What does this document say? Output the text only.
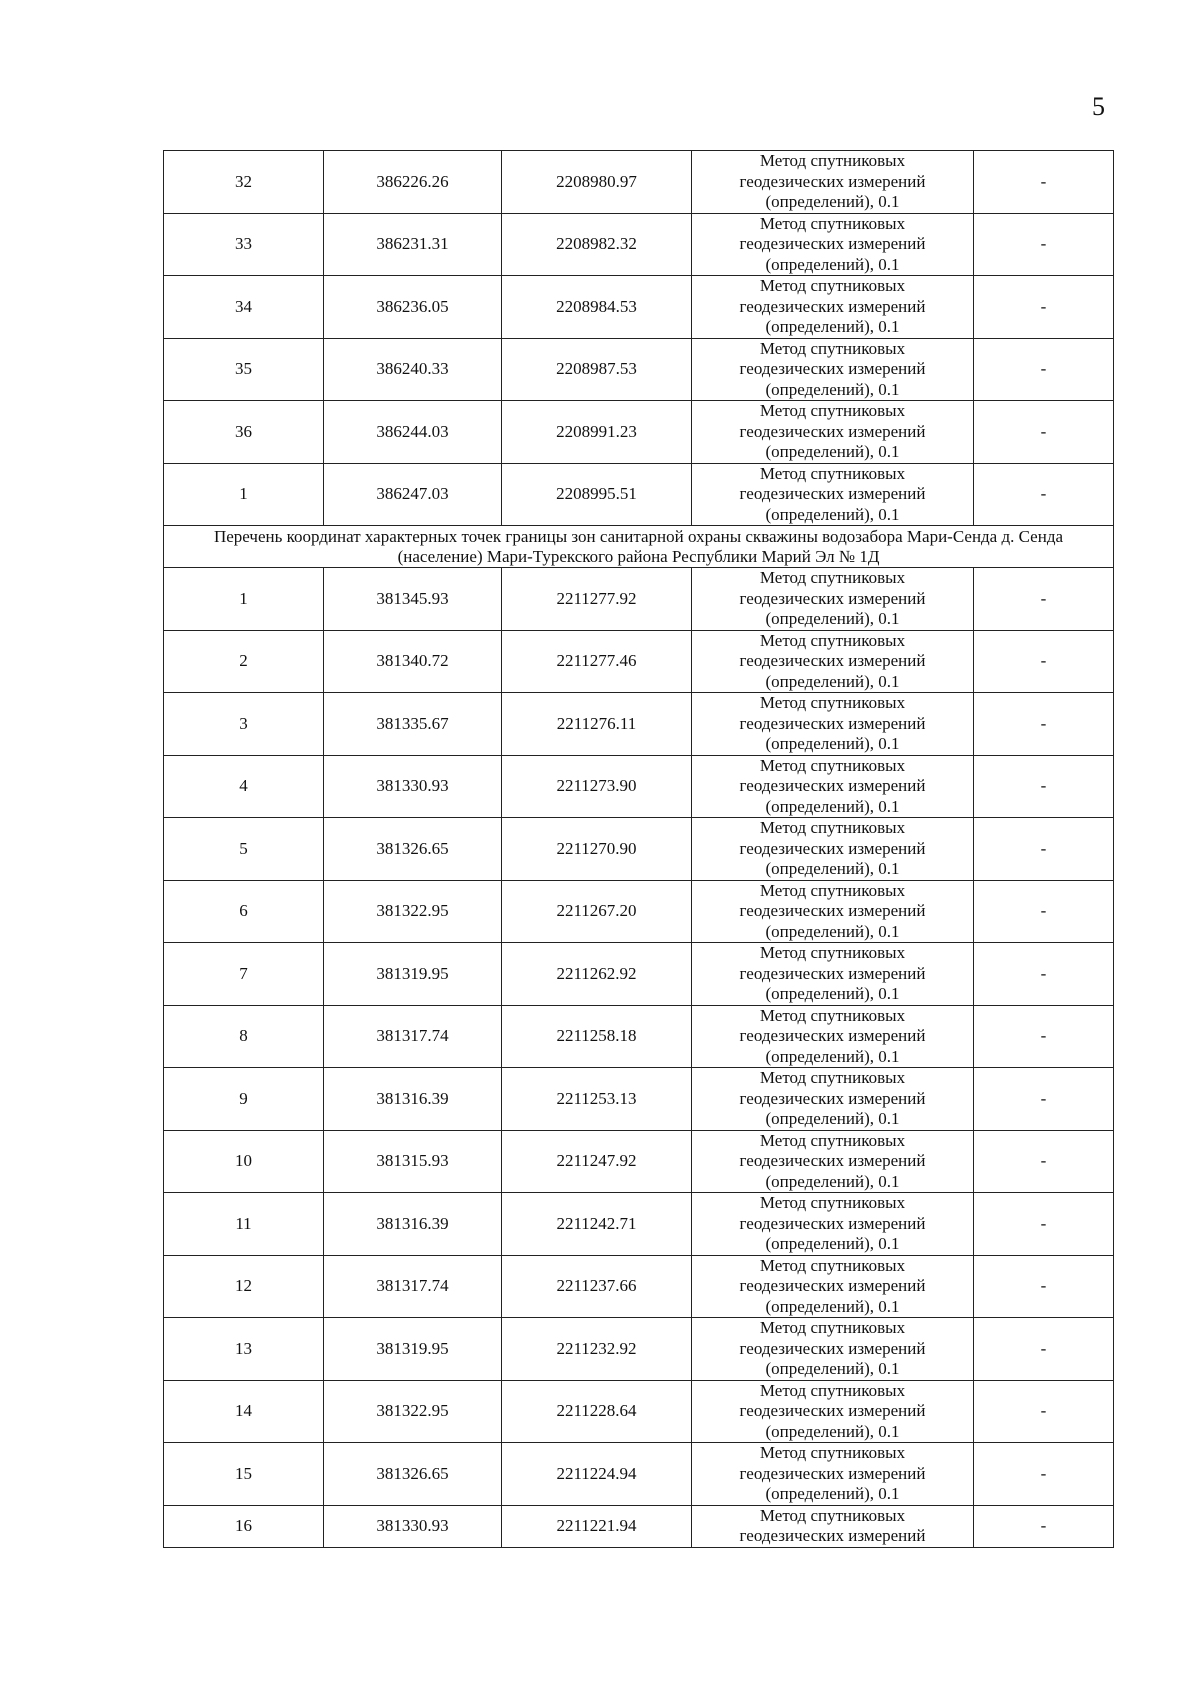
5
32	386226.26	2208980.97	Метод спутниковых
геодезических измерений
(определений), 0.1	-
33	386231.31	2208982.32	Метод спутниковых
геодезических измерений
(определений), 0.1	-
34	386236.05	2208984.53	Метод спутниковых
геодезических измерений
(определений), 0.1	-
35	386240.33	2208987.53	Метод спутниковых
геодезических измерений
(определений), 0.1	-
36	386244.03	2208991.23	Метод спутниковых
геодезических измерений
(определений), 0.1	-
1	386247.03	2208995.51	Метод спутниковых
геодезических измерений
(определений), 0.1	-
Перечень координат характерных точек границы зон санитарной охраны скважины водозабора Мари-Сенда д. Сенда (население) Мари-Турекского района Республики Марий Эл № 1Д				
1	381345.93	2211277.92	Метод спутниковых
геодезических измерений
(определений), 0.1	-
2	381340.72	2211277.46	Метод спутниковых
геодезических измерений
(определений), 0.1	-
3	381335.67	2211276.11	Метод спутниковых
геодезических измерений
(определений), 0.1	-
4	381330.93	2211273.90	Метод спутниковых
геодезических измерений
(определений), 0.1	-
5	381326.65	2211270.90	Метод спутниковых
геодезических измерений
(определений), 0.1	-
6	381322.95	2211267.20	Метод спутниковых
геодезических измерений
(определений), 0.1	-
7	381319.95	2211262.92	Метод спутниковых
геодезических измерений
(определений), 0.1	-
8	381317.74	2211258.18	Метод спутниковых
геодезических измерений
(определений), 0.1	-
9	381316.39	2211253.13	Метод спутниковых
геодезических измерений
(определений), 0.1	-
10	381315.93	2211247.92	Метод спутниковых
геодезических измерений
(определений), 0.1	-
11	381316.39	2211242.71	Метод спутниковых
геодезических измерений
(определений), 0.1	-
12	381317.74	2211237.66	Метод спутниковых
геодезических измерений
(определений), 0.1	-
13	381319.95	2211232.92	Метод спутниковых
геодезических измерений
(определений), 0.1	-
14	381322.95	2211228.64	Метод спутниковых
геодезических измерений
(определений), 0.1	-
15	381326.65	2211224.94	Метод спутниковых
геодезических измерений
(определений), 0.1	-
16	381330.93	2211221.94	Метод спутниковых
геодезических измерений	-
